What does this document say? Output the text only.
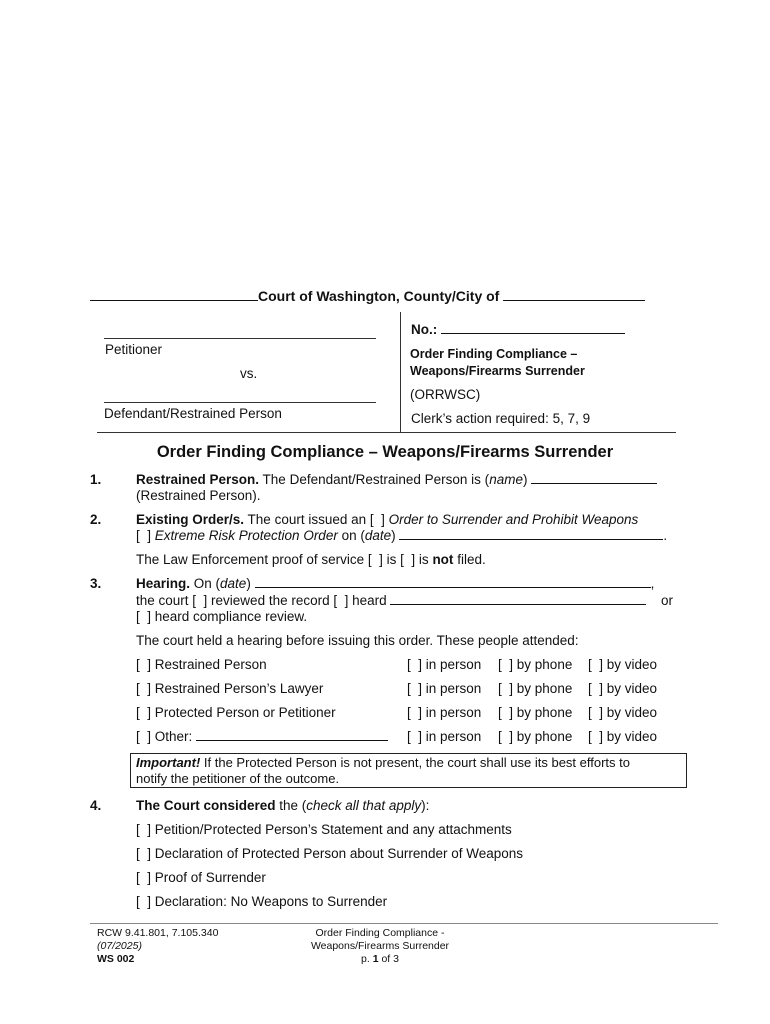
Court of Washington, County/City of
Petitioner
vs.
Defendant/Restrained Person
No.:
Order Finding Compliance –
Weapons/Firearms Surrender
(ORRWSC)
Clerk’s action required: 5, 7, 9
Order Finding Compliance – Weapons/Firearms Surrender
1.	Restrained Person. The Defendant/Restrained Person is (name)
(Restrained Person).
2.	Existing Order/s. The court issued an [  ] Order to Surrender and Prohibit Weapons
[  ] Extreme Risk Protection Order on (date)	.
The Law Enforcement proof of service [  ] is [  ] is not filed.
3.	Hearing. On (date)	,
the court [  ] reviewed the record [  ] heard	or
[  ] heard compliance review.
The court held a hearing before issuing this order. These people attended:
[  ] Restrained Person	[  ] in person [  ] by phone [  ] by video
[  ] Restrained Person’s Lawyer	[  ] in person [  ] by phone [  ] by video
[  ] Protected Person or Petitioner	[  ] in person [  ] by phone [  ] by video
[  ] Other:	[  ] in person [  ] by phone [  ] by video
Important! If the Protected Person is not present, the court shall use its best efforts to
notify the petitioner of the outcome.
4.	The Court considered the (check all that apply):
[  ] Petition/Protected Person’s Statement and any attachments
[  ] Declaration of Protected Person about Surrender of Weapons
[  ] Proof of Surrender
[  ] Declaration: No Weapons to Surrender
RCW 9.41.801, 7.105.340
(07/2025)
WS 002
Order Finding Compliance -
Weapons/Firearms Surrender
p. 1 of 3
